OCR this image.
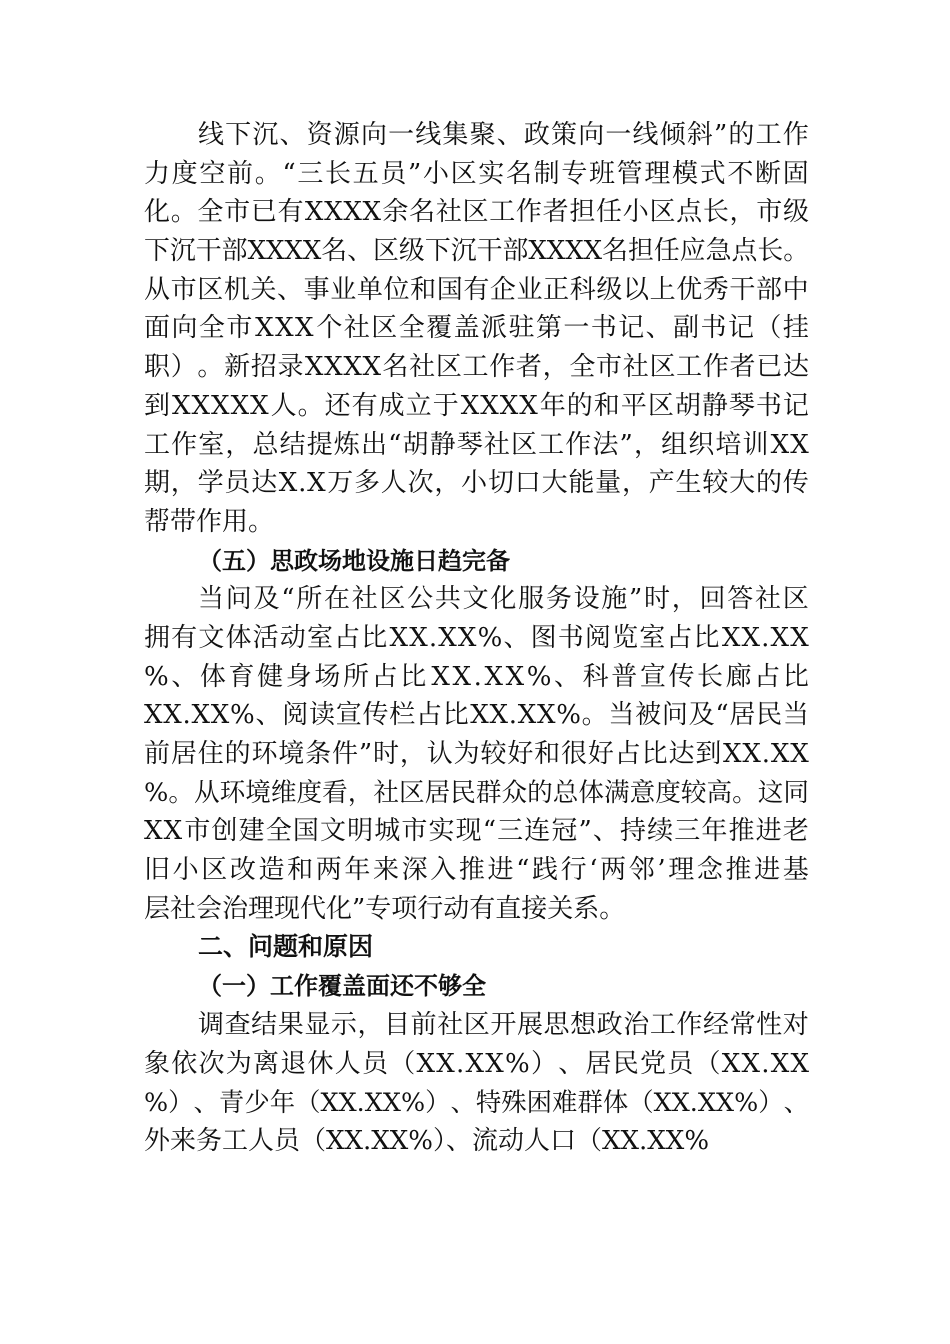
线 下 沉 、 资 源 向 一 线 集 聚 、 政 策 向 一 线 倾 斜 ” 的 工 作
力 度 空 前 。 “ 三 长 五 员 ” 小 区 实 名 制 专 班 管 理 模 式 不 断 固
化 。 全 市 已 有 X X X X 余 名 社 区 工 作 者 担 任 小 区 点 长 ， 市 级
下 沉 干 部 X X X X 名 、 区 级 下 沉 干 部 X X X X 名 担 任 应 急 点 长 。
从 市 区 机 关 、 事 业 单 位 和 国 有 企 业 正 科 级 以 上 优 秀 干 部 中
面 向 全 市 X X X 个 社 区 全 覆 盖 派 驻 第 一 书 记 、 副 书 记 （ 挂
职 ） 。 新 招 录 X X X X 名 社 区 工 作 者 ， 全 市 社 区 工 作 者 已 达
到 X X X X X 人 。 还 有 成 立 于 X X X X 年 的 和 平 区 胡 静 琴 书 记
工 作 室 ， 总 结 提 炼 出 “ 胡 静 琴 社 区 工 作 法 ” ， 组 织 培 训 X X
期 ， 学 员 达 X . X 万 多 人 次 ， 小 切 口 大 能 量 ， 产 生 较 大 的 传
帮带作用。
（五）思政场地设施日趋完备
当 问 及 “ 所 在 社 区 公 共 文 化 服 务 设 施 ” 时 ， 回 答 社 区
拥 有 文 体 活 动 室 占 比 X X . X X % 、 图 书 阅 览 室 占 比 X X . X X
% 、 体 育 健 身 场 所 占 比 X X . X X % 、 科 普 宣 传 长 廊 占 比
X X . X X % 、 阅 读 宣 传 栏 占 比 X X . X X % 。 当 被 问 及 “ 居 民 当
前 居 住 的 环 境 条 件 ” 时 ， 认 为 较 好 和 很 好 占 比 达 到 X X . X X
% 。 从 环 境 维 度 看 ， 社 区 居 民 群 众 的 总 体 满 意 度 较 高 。 这 同
X X 市 创 建 全 国 文 明 城 市 实 现 “ 三 连 冠 ” 、 持 续 三 年 推 进 老
旧 小 区 改 造 和 两 年 来 深 入 推 进 “ 践 行 ‘ 两 邻 ’ 理 念 推 进 基
层社会治理现代化”专项行动有直接关系。
二、问题和原因
（一）工作覆盖面还不够全
调 查 结 果 显 示 ， 目 前 社 区 开 展 思 想 政 治 工 作 经 常 性 对
象 依 次 为 离 退 休 人 员 （ X X . X X % ） 、 居 民 党 员 （ X X . X X
% ） 、 青 少 年 （ X X . X X % ） 、 特 殊 困 难 群 体 （ X X . X X % ） 、
外来务工人员（XX.XX%）、流动人口（XX.XX%
